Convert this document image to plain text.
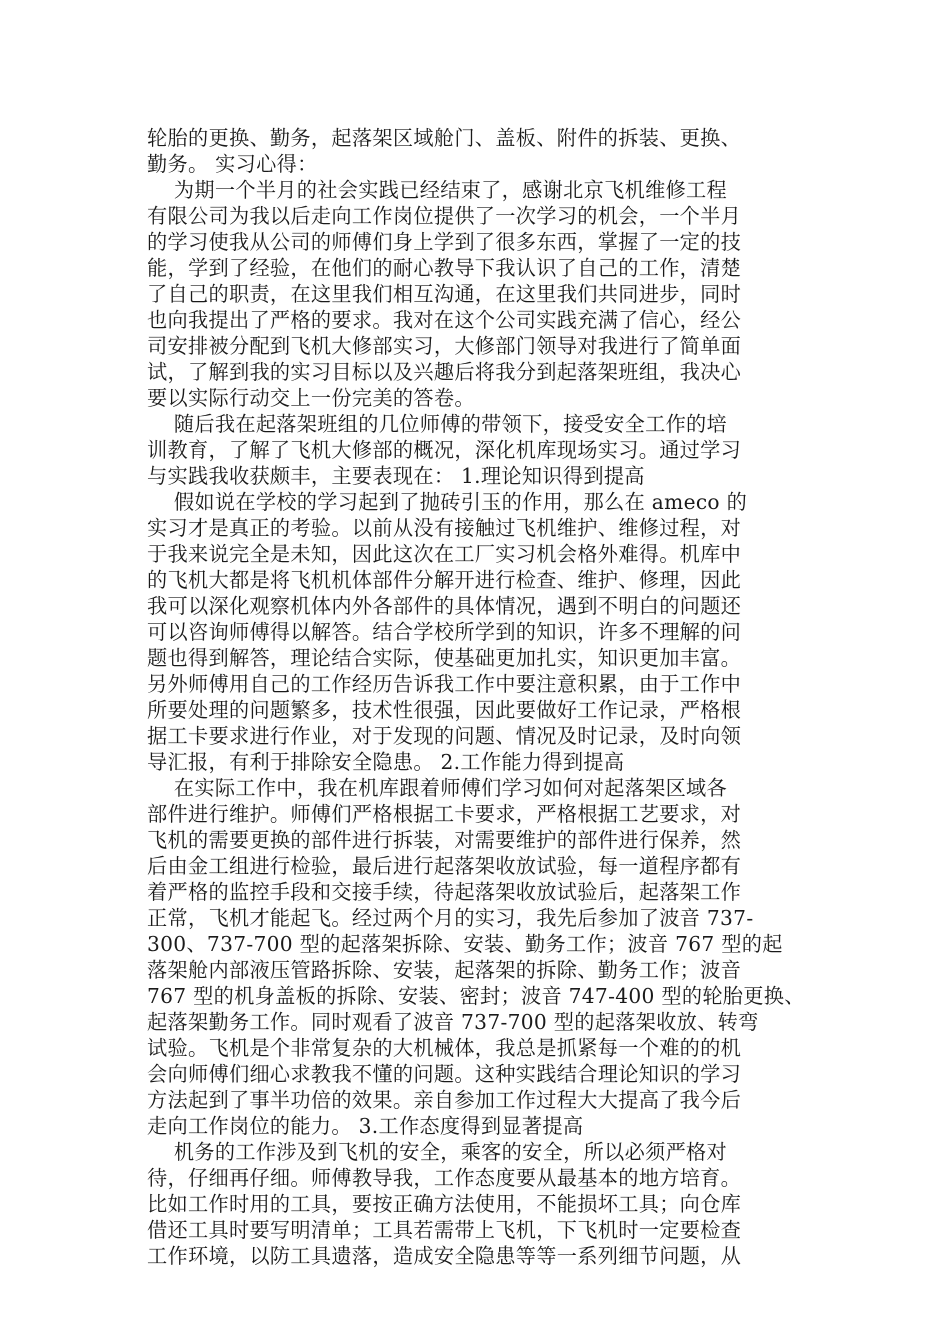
轮胎的更换、勤务，起落架区域舱门、盖板、附件的拆装、更换、
勤务。 实习心得：
为期一个半月的社会实践已经结束了，感谢北京飞机维修工程
有限公司为我以后走向工作岗位提供了一次学习的机会，一个半月
的学习使我从公司的师傅们身上学到了很多东西，掌握了一定的技
能，学到了经验，在他们的耐心教导下我认识了自己的工作，清楚
了自己的职责，在这里我们相互沟通，在这里我们共同进步，同时
也向我提出了严格的要求。我对在这个公司实践充满了信心，经公
司安排被分配到飞机大修部实习，大修部门领导对我进行了简单面
试，了解到我的实习目标以及兴趣后将我分到起落架班组，我决心
要以实际行动交上一份完美的答卷。
随后我在起落架班组的几位师傅的带领下，接受安全工作的培
训教育，了解了飞机大修部的概况，深化机库现场实习。通过学习
与实践我收获颇丰，主要表现在： 1.理论知识得到提高
假如说在学校的学习起到了抛砖引玉的作用，那么在 ameco 的
实习才是真正的考验。以前从没有接触过飞机维护、维修过程，对
于我来说完全是未知，因此这次在工厂实习机会格外难得。机库中
的飞机大都是将飞机机体部件分解开进行检查、维护、修理，因此
我可以深化观察机体内外各部件的具体情况，遇到不明白的问题还
可以咨询师傅得以解答。结合学校所学到的知识，许多不理解的问
题也得到解答，理论结合实际，使基础更加扎实，知识更加丰富。
另外师傅用自己的工作经历告诉我工作中要注意积累，由于工作中
所要处理的问题繁多，技术性很强，因此要做好工作记录，严格根
据工卡要求进行作业，对于发现的问题、情况及时记录，及时向领
导汇报，有利于排除安全隐患。 2.工作能力得到提高
在实际工作中，我在机库跟着师傅们学习如何对起落架区域各
部件进行维护。师傅们严格根据工卡要求，严格根据工艺要求，对
飞机的需要更换的部件进行拆装，对需要维护的部件进行保养，然
后由金工组进行检验，最后进行起落架收放试验，每一道程序都有
着严格的监控手段和交接手续，待起落架收放试验后，起落架工作
正常，飞机才能起飞。经过两个月的实习，我先后参加了波音 737-
300、737-700 型的起落架拆除、安装、勤务工作；波音 767 型的起
落架舱内部液压管路拆除、安装，起落架的拆除、勤务工作；波音
767 型的机身盖板的拆除、安装、密封；波音 747-400 型的轮胎更换、
起落架勤务工作。同时观看了波音 737-700 型的起落架收放、转弯
试验。飞机是个非常复杂的大机械体，我总是抓紧每一个难的的机
会向师傅们细心求教我不懂的问题。这种实践结合理论知识的学习
方法起到了事半功倍的效果。亲自参加工作过程大大提高了我今后
走向工作岗位的能力。 3.工作态度得到显著提高
机务的工作涉及到飞机的安全，乘客的安全，所以必须严格对
待，仔细再仔细。师傅教导我，工作态度要从最基本的地方培育。
比如工作时用的工具，要按正确方法使用，不能损坏工具；向仓库
借还工具时要写明清单；工具若需带上飞机，下飞机时一定要检查
工作环境，以防工具遗落，造成安全隐患等等一系列细节问题，从
